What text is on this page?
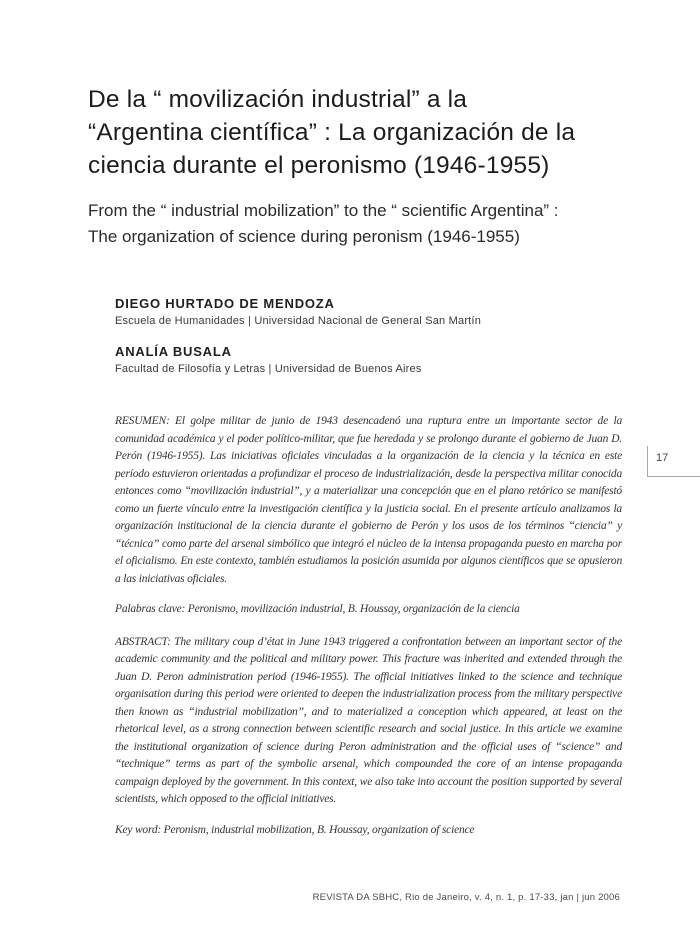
De la “ movilización industrial” a la
“Argentina científica” : La organización de la
ciencia durante el peronismo (1946-1955)
From the “ industrial mobilization” to the “ scientific Argentina” :
The organization of science during peronism (1946-1955)
DIEGO HURTADO DE MENDOZA
Escuela de Humanidades | Universidad Nacional de General San Martín
ANALÍA BUSALA
Facultad de Filosofía y Letras | Universidad de Buenos Aires

RESUMEN: El golpe militar de junio de 1943 desencadenó una ruptura entre un importante sector de la comunidad académica y el poder político-militar, que fue heredada y se prolongo durante el gobierno de Juan D. Perón (1946-1955). Las iniciativas oficiales vinculadas a la organización de la ciencia y la técnica en este período estuvieron orientadas a profundizar el proceso de industrialización, desde la perspectiva militar conocida entonces como “movilización industrial”, y a materializar una concepción que en el plano retórico se manifestó como un fuerte vínculo entre la investigación científica y la justicia social. En el presente artículo analizamos la organización institucional de la ciencia durante el gobierno de Perón y los usos de los términos “ciencia” y “técnica” como parte del arsenal simbólico que integró el núcleo de la intensa propaganda puesto en marcha por el oficialismo. En este contexto, también estudiamos la posición asumida por algunos científicos que se opusieron a las iniciativas oficiales.

Palabras clave: Peronismo, movilización industrial, B. Houssay, organización de la ciencia

ABSTRACT: The military coup d’état in June 1943 triggered a confrontation between an important sector of the academic community and the political and military power. This fracture was inherited and extended through the Juan D. Peron administration period (1946-1955). The official initiatives linked to the science and technique organisation during this period were oriented to deepen the industrialization process from the military perspective then known as “industrial mobilization”, and to materialized a conception which appeared, at least on the rhetorical level, as a strong connection between scientific research and social justice. In this article we examine the institutional organization of science during Peron administration and the official uses of “science” and “technique” terms as part of the symbolic arsenal, which compounded the core of an intense propaganda campaign deployed by the government. In this context, we also take into account the position supported by several scientists, which opposed to the official initiatives.

Key word: Peronism, industrial mobilization, B. Houssay, organization of science

17
REVISTA DA SBHC, Rio de Janeiro, v. 4, n. 1, p. 17-33, jan | jun 2006
